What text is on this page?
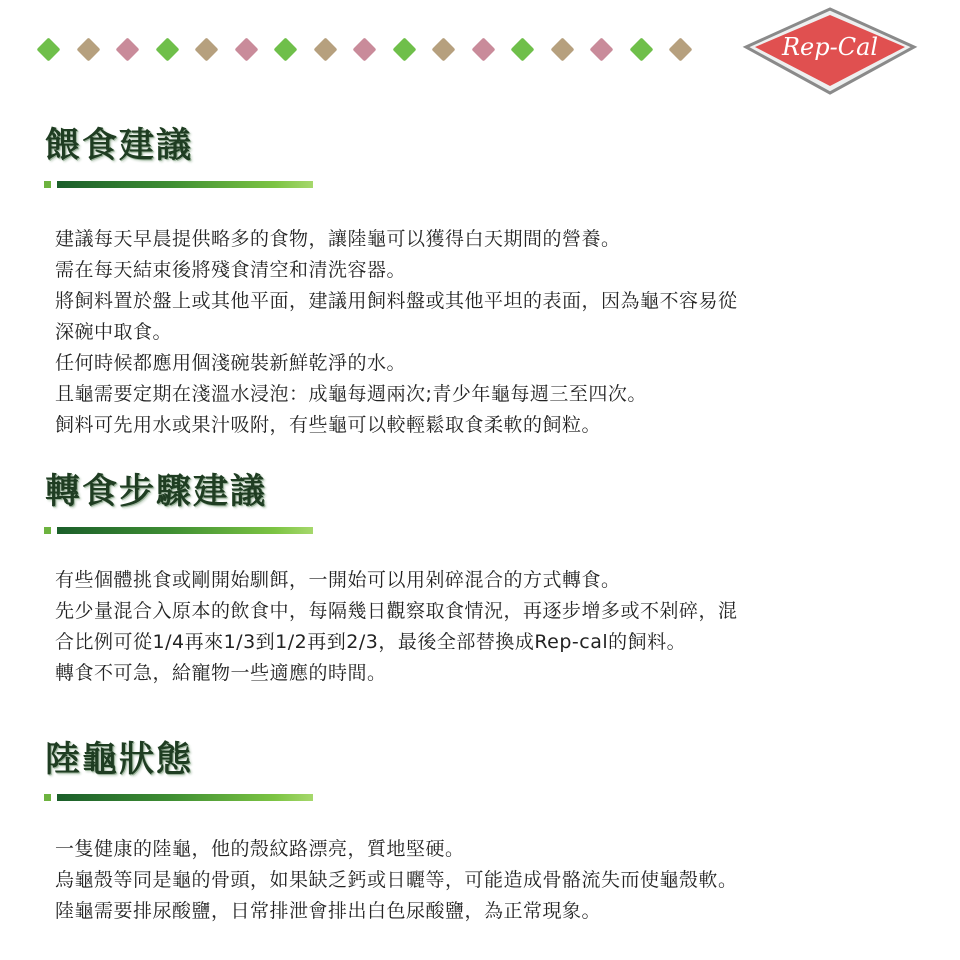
Rep-Cal
餵食建議
建議每天早晨提供略多的食物，讓陸龜可以獲得白天期間的營養。
需在每天結束後將殘食清空和清洗容器。
將飼料置於盤上或其他平面，建議用飼料盤或其他平坦的表面，因為龜不容易從
深碗中取食。
任何時候都應用個淺碗裝新鮮乾淨的水。
且龜需要定期在淺溫水浸泡：成龜每週兩次;青少年龜每週三至四次。
飼料可先用水或果汁吸附，有些龜可以較輕鬆取食柔軟的飼粒。
轉食步驟建議
有些個體挑食或剛開始馴餌，一開始可以用剁碎混合的方式轉食。
先少量混合入原本的飲食中，每隔幾日觀察取食情況，再逐步增多或不剁碎，混
合比例可從1/4再來1/3到1/2再到2/3，最後全部替換成Rep-cal的飼料。
轉食不可急，給寵物一些適應的時間。
陸龜狀態
一隻健康的陸龜，他的殼紋路漂亮，質地堅硬。
烏龜殼等同是龜的骨頭，如果缺乏鈣或日曬等，可能造成骨骼流失而使龜殼軟。
陸龜需要排尿酸鹽，日常排泄會排出白色尿酸鹽，為正常現象。
